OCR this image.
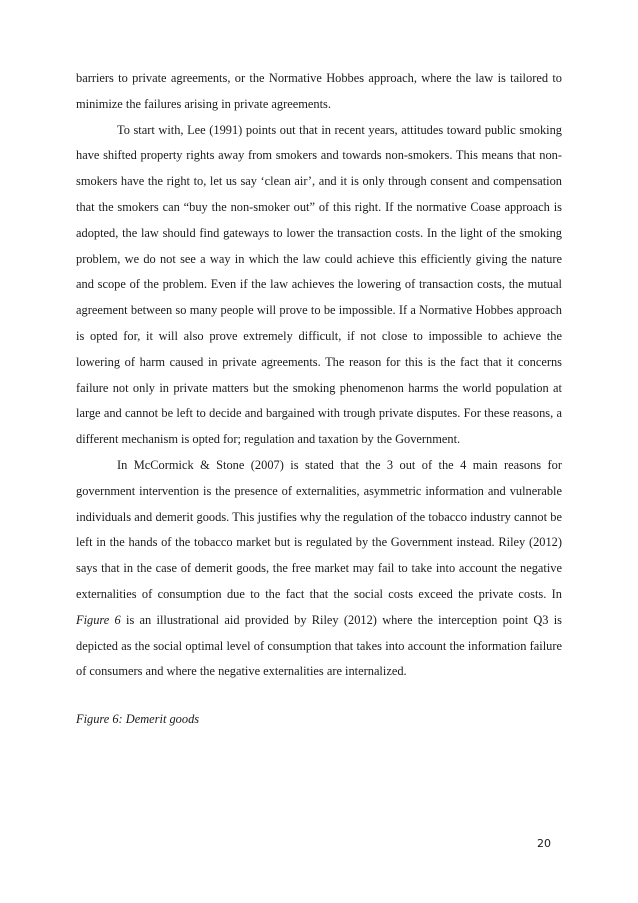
barriers to private agreements, or the Normative Hobbes approach, where the law is tailored to minimize the failures arising in private agreements.

To start with, Lee (1991) points out that in recent years, attitudes toward public smoking have shifted property rights away from smokers and towards non-smokers. This means that non-smokers have the right to, let us say ‘clean air’, and it is only through consent and compensation that the smokers can “buy the non-smoker out” of this right. If the normative Coase approach is adopted, the law should find gateways to lower the transaction costs. In the light of the smoking problem, we do not see a way in which the law could achieve this efficiently giving the nature and scope of the problem. Even if the law achieves the lowering of transaction costs, the mutual agreement between so many people will prove to be impossible. If a Normative Hobbes approach is opted for, it will also prove extremely difficult, if not close to impossible to achieve the lowering of harm caused in private agreements. The reason for this is the fact that it concerns failure not only in private matters but the smoking phenomenon harms the world population at large and cannot be left to decide and bargained with trough private disputes. For these reasons, a different mechanism is opted for; regulation and taxation by the Government.

In McCormick & Stone (2007) is stated that the 3 out of the 4 main reasons for government intervention is the presence of externalities, asymmetric information and vulnerable individuals and demerit goods. This justifies why the regulation of the tobacco industry cannot be left in the hands of the tobacco market but is regulated by the Government instead. Riley (2012) says that in the case of demerit goods, the free market may fail to take into account the negative externalities of consumption due to the fact that the social costs exceed the private costs. In Figure 6 is an illustrational aid provided by Riley (2012) where the interception point Q3 is depicted as the social optimal level of consumption that takes into account the information failure of consumers and where the negative externalities are internalized.

Figure 6: Demerit goods

20
